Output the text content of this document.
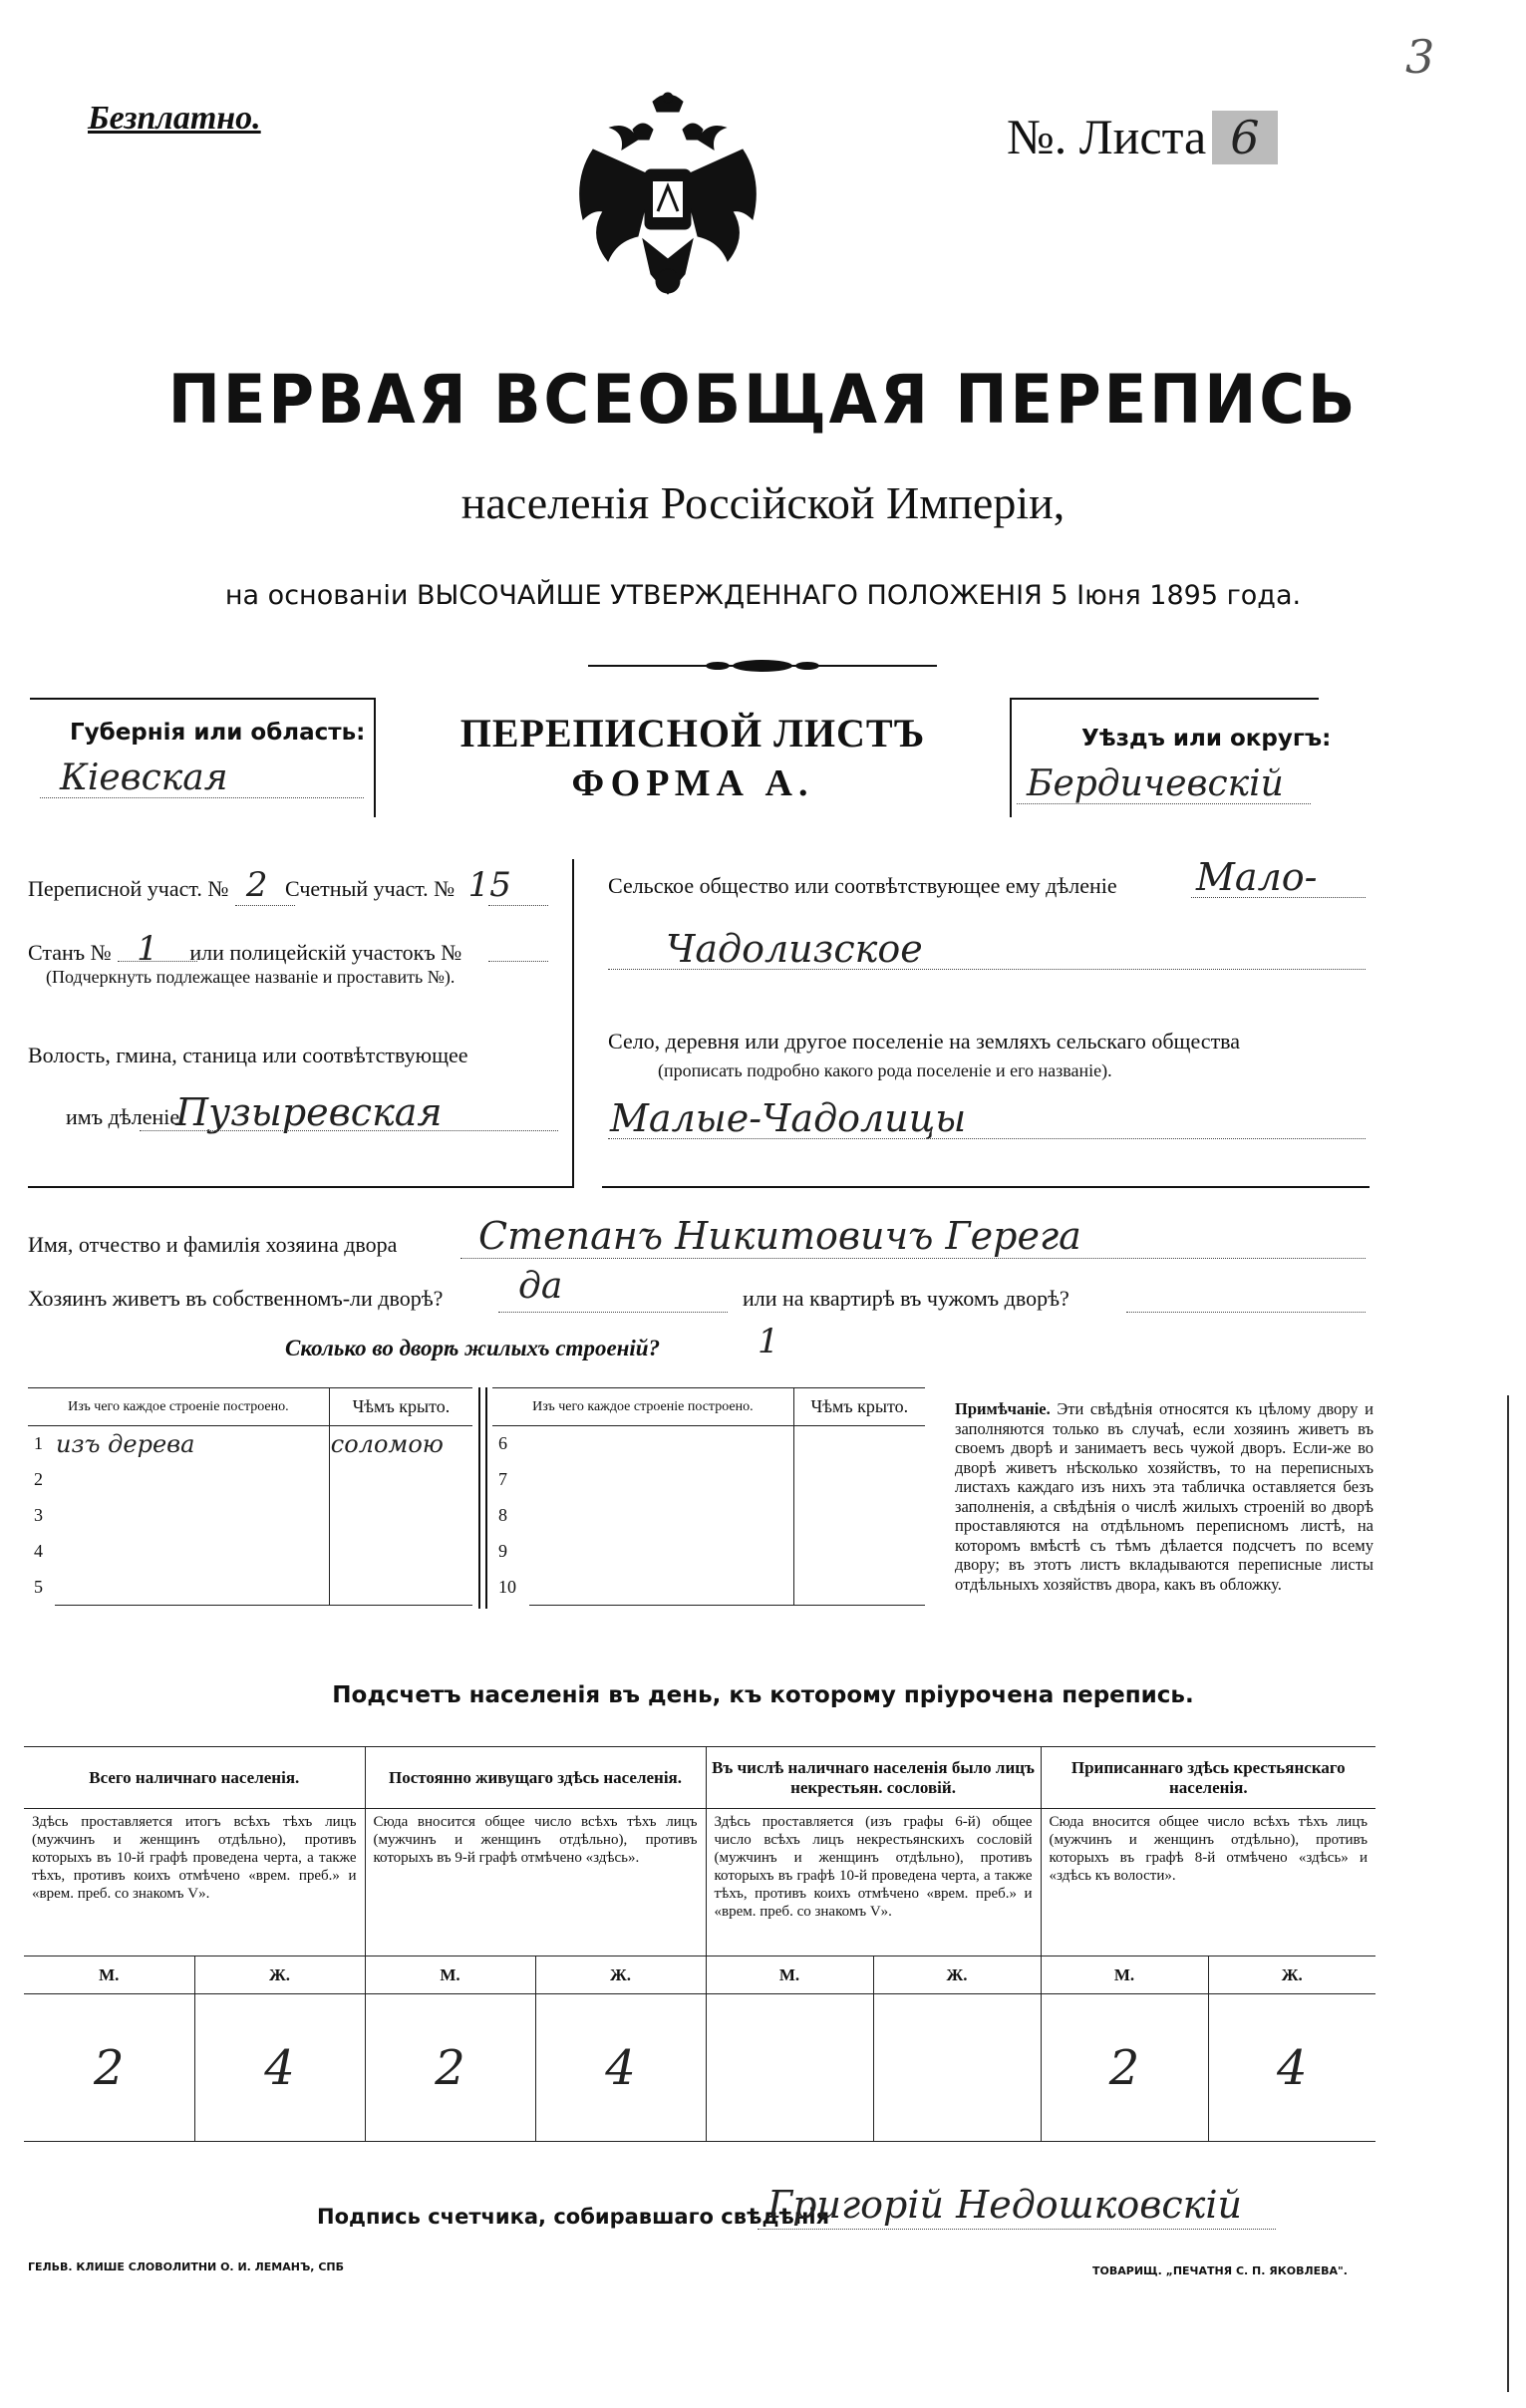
Безплатно.	№. Листа 6
3
ПЕРВАЯ ВСЕОБЩАЯ ПЕРЕПИСЬ
населенія Россійской Имперіи,
на основаніи ВЫСОЧАЙШЕ УТВЕРЖДЕННАГО ПОЛОЖЕНІЯ 5 Іюня 1895 года.
Губернія или область:
Кіевская
ПЕРЕПИСНОЙ ЛИСТЪ
ФОРМА А.
Уѣздъ или округъ:
Бердичевскій
Переписной участ. № 2 Счетный участ. № 15
Станъ № 1 или полицейскій участокъ №
(Подчеркнуть подлежащее названіе и проставить №).
Волость, гмина, станица или соотвѣтствующее
имъ дѣленіе
Пузыревская
Сельское общество или соотвѣтствующее ему дѣленіе Мало-
Чадолизское
Село, деревня или другое поселеніе на земляхъ сельскаго общества
(прописать подробно какого рода поселеніе и его названіе).
Малые-Чадолицы
Имя, отчество и фамилія хозяина двора Степанъ Никитовичъ Герега
Хозяинъ живетъ въ собственномъ-ли дворѣ? да	или на квартирѣ въ чужомъ дворѣ?
Сколько во дворѣ жилыхъ строеній?	1
Изъ чего каждое строеніе построено.		Чѣмъ крыто.
1	изъ дерева	соломою
2		
3		
4		
5		
Изъ чего каждое строеніе построено.		Чѣмъ крыто.
6		
7		
8		
9		
10		
Примѣчаніе. Эти свѣдѣнія относятся къ цѣлому двору и заполняются только въ случаѣ, если хозяинъ живетъ въ своемъ дворѣ и занимаетъ весь чужой дворъ. Если-же во дворѣ живетъ нѣсколько хозяйствъ, то на переписныхъ листахъ каждаго изъ нихъ эта табличка оставляется безъ заполненія, а свѣдѣнія о числѣ жилыхъ строеній во дворѣ проставляются на отдѣльномъ переписномъ листѣ, на которомъ вмѣстѣ съ тѣмъ дѣлается подсчетъ по всему двору; въ этотъ листъ вкладываются переписные листы отдѣльныхъ хозяйствъ двора, какъ въ обложку.
Подсчетъ населенія въ день, къ которому пріурочена перепись.
Всего наличнаго населенія.		Постоянно живущаго здѣсь населенія.		Въ числѣ наличнаго населенія было лицъ некрестьян. сословій.		Приписаннаго здѣсь крестьянскаго населенія.	
Здѣсь проставляется итогъ всѣхъ тѣхъ лицъ (мужчинъ и женщинъ отдѣльно), противъ которыхъ въ 10-й графѣ проведена черта, а также тѣхъ, противъ коихъ отмѣчено «врем. преб.» и «врем. преб. со знакомъ V».		Сюда вносится общее число всѣхъ тѣхъ лицъ (мужчинъ и женщинъ отдѣльно), противъ которыхъ въ 9-й графѣ отмѣчено «здѣсь».		Здѣсь проставляется (изъ графы 6-й) общее число всѣхъ лицъ некрестьянскихъ сословій (мужчинъ и женщинъ отдѣльно), противъ которыхъ въ графѣ 10-й проведена черта, а также тѣхъ, противъ коихъ отмѣчено «врем. преб.» и «врем. преб. со знакомъ V».		Сюда вносится общее число всѣхъ тѣхъ лицъ (мужчинъ и женщинъ отдѣльно), противъ которыхъ въ графѣ 8-й отмѣчено «здѣсь» и «здѣсь къ волости».	
М.	Ж.	М.	Ж.	М.	Ж.	М.	Ж.
2	4	2	4			2	4
Подпись счетчика, собиравшаго свѣдѣнія
Григорій Недошковскій
ГЕЛЬВ. КЛИШЕ СЛОВОЛИТНИ О. И. ЛЕМАНЪ, СПБ	ТОВАРИЩ. „ПЕЧАТНЯ С. П. ЯКОВЛЕВА".
